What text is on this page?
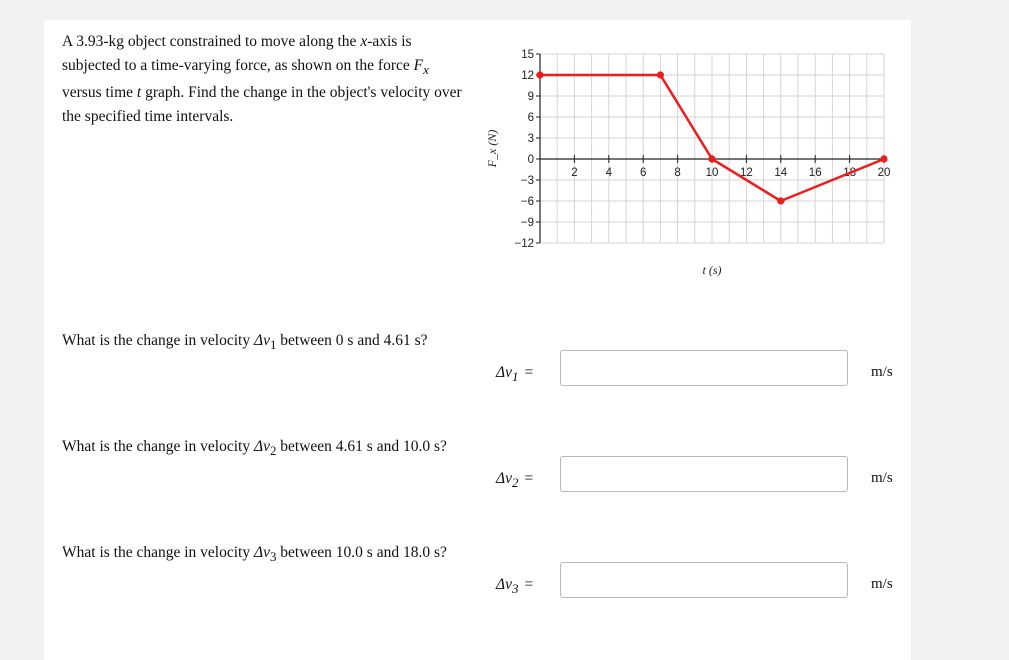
A 3.93-kg object constrained to move along the x-axis is subjected to a time-varying force, as shown on the force $F_x$ versus time t graph. Find the change in the object's velocity over the specified time intervals.
15
12
9
6
3
0
−3
−6
−9
−12
2 4 6 8 10 12 14 16 18 20
t (s)
F_x (N)
What is the change in velocity $\Delta v_1$ between 0 s and 4.61 s?
$\Delta v_1$ =	m/s
What is the change in velocity $\Delta v_2$ between 4.61 s and 10.0 s?
$\Delta v_2$ =	m/s
What is the change in velocity $\Delta v_3$ between 10.0 s and 18.0 s?
$\Delta v_3$ =	m/s
